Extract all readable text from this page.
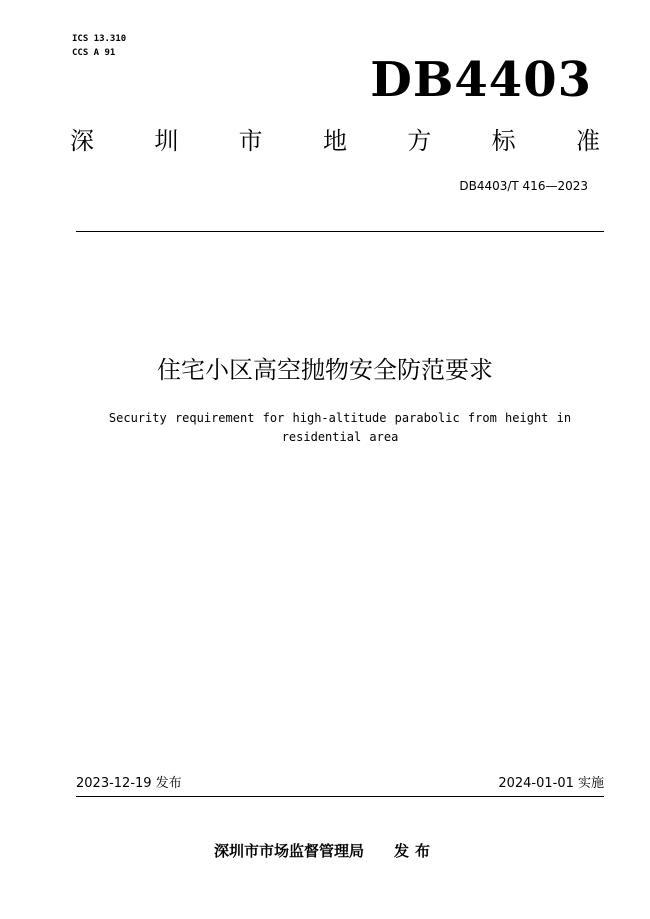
ICS 13.310
CCS A 91	DB4403
深	圳	市	地	方	标	准
DB4403/T 416—2023
住宅小区高空抛物安全防范要求
Security requirement for high-altitude parabolic from height in
residential area
2023-12-19 发布	2024-01-01 实施
深圳市市场监督管理局 发布
